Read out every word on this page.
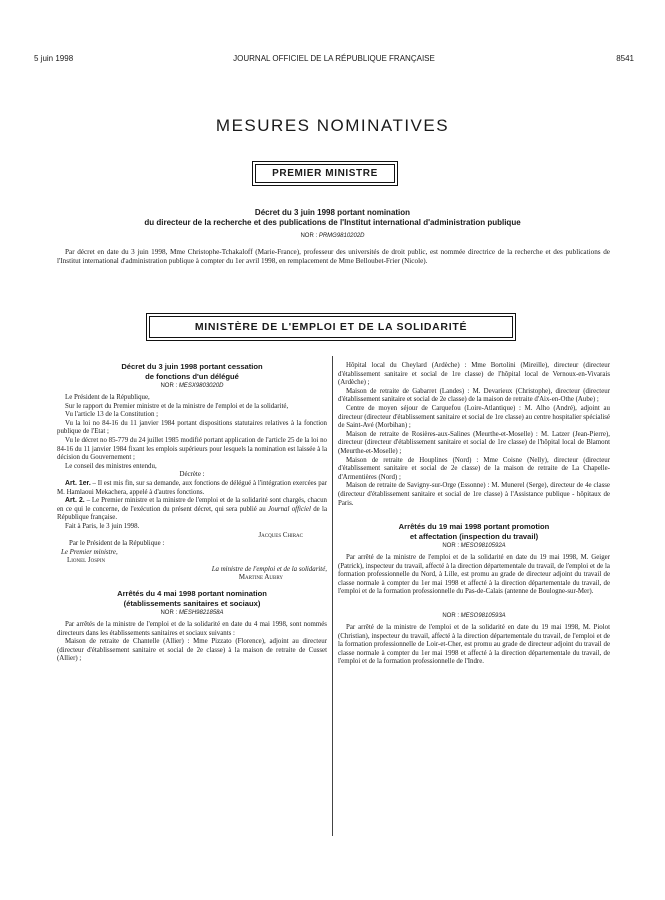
5 juin 1998	JOURNAL OFFICIEL DE LA RÉPUBLIQUE FRANÇAISE	8541
MESURES NOMINATIVES
PREMIER MINISTRE
Décret du 3 juin 1998 portant nomination
du directeur de la recherche et des publications de l'Institut international d'administration publique
NOR : PRMG9810202D

Par décret en date du 3 juin 1998, Mme Christophe-Tchakaloff (Marie-France), professeur des universités de droit public, est nommée directrice de la recherche et des publications de l'Institut international d'administration publique à compter du 1er avril 1998, en remplacement de Mme Belloubet-Frier (Nicole).

MINISTÈRE DE L'EMPLOI ET DE LA SOLIDARITÉ
Décret du 3 juin 1998 portant cessation
de fonctions d'un délégué
NOR : MESX9803020D

Le Président de la République,

Sur le rapport du Premier ministre et de la ministre de l'emploi et de la solidarité,

Vu l'article 13 de la Constitution ;

Vu la loi no 84-16 du 11 janvier 1984 portant dispositions statutaires relatives à la fonction publique de l'Etat ;

Vu le décret no 85-779 du 24 juillet 1985 modifié portant application de l'article 25 de la loi no 84-16 du 11 janvier 1984 fixant les emplois supérieurs pour lesquels la nomination est laissée à la décision du Gouvernement ;

Le conseil des ministres entendu,

Décrète :

Art. 1er. – Il est mis fin, sur sa demande, aux fonctions de délégué à l'intégration exercées par M. Hamlaoui Mekachera, appelé à d'autres fonctions.

Art. 2. – Le Premier ministre et la ministre de l'emploi et de la solidarité sont chargés, chacun en ce qui le concerne, de l'exécution du présent décret, qui sera publié au Journal officiel de la République française.

Fait à Paris, le 3 juin 1998.

Jacques Chirac

Par le Président de la République :

Le Premier ministre,

Lionel Jospin

La ministre de l'emploi et de la solidarité,

Martine Aubry

Arrêtés du 4 mai 1998 portant nomination
(établissements sanitaires et sociaux)
NOR : MESH9821858A

Par arrêtés de la ministre de l'emploi et de la solidarité en date du 4 mai 1998, sont nommés directeurs dans les établissements sanitaires et sociaux suivants :

Maison de retraite de Chantelle (Allier) : Mme Pizzato (Florence), adjoint au directeur (directeur d'établissement sanitaire et social de 2e classe) à la maison de retraite de Cusset (Allier) ;

Hôpital local du Cheylard (Ardèche) : Mme Bortolini (Mireille), directeur (directeur d'établissement sanitaire et social de 1re classe) de l'hôpital local de Vernoux-en-Vivarais (Ardèche) ;

Maison de retraite de Gabarret (Landes) : M. Devarieux (Christophe), directeur (directeur d'établissement sanitaire et social de 2e classe) de la maison de retraite d'Aix-en-Othe (Aube) ;

Centre de moyen séjour de Carquefou (Loire-Atlantique) : M. Alho (André), adjoint au directeur (directeur d'établissement sanitaire et social de 1re classe) au centre hospitalier spécialisé de Saint-Avé (Morbihan) ;

Maison de retraite de Rosières-aux-Salines (Meurthe-et-Moselle) : M. Latzer (Jean-Pierre), directeur (directeur d'établissement sanitaire et social de 1re classe) de l'hôpital local de Blamont (Meurthe-et-Moselle) ;

Maison de retraite de Houplines (Nord) : Mme Coisne (Nelly), directeur (directeur d'établissement sanitaire et social de 2e classe) de la maison de retraite de La Chapelle-d'Armentières (Nord) ;

Maison de retraite de Savigny-sur-Orge (Essonne) : M. Munerel (Serge), directeur de 4e classe (directeur d'établissement sanitaire et social de 1re classe) à l'Assistance publique - hôpitaux de Paris.

Arrêtés du 19 mai 1998 portant promotion
et affectation (inspection du travail)
NOR : MESO9810592A

Par arrêté de la ministre de l'emploi et de la solidarité en date du 19 mai 1998, M. Geiger (Patrick), inspecteur du travail, affecté à la direction départementale du travail, de l'emploi et de la formation professionnelle du Nord, à Lille, est promu au grade de directeur adjoint du travail de classe normale à compter du 1er mai 1998 et affecté à la direction départementale du travail, de l'emploi et de la formation professionnelle du Pas-de-Calais (antenne de Boulogne-sur-Mer).

NOR : MESO9810593A

Par arrêté de la ministre de l'emploi et de la solidarité en date du 19 mai 1998, M. Piolot (Christian), inspecteur du travail, affecté à la direction départementale du travail, de l'emploi et de la formation professionnelle de Loir-et-Cher, est promu au grade de directeur adjoint du travail de classe normale à compter du 1er mai 1998 et affecté à la direction départementale du travail, de l'emploi et de la formation professionnelle de l'Indre.
